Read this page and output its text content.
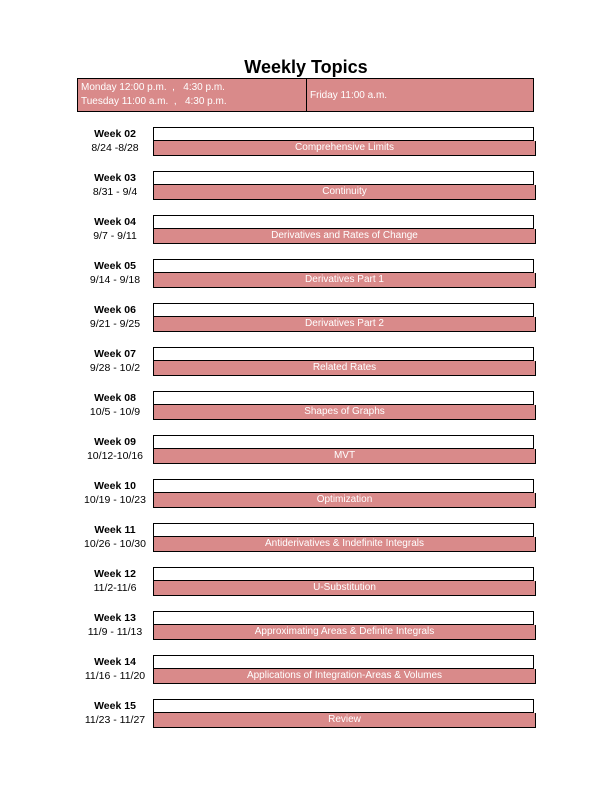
Weekly Topics
Monday 12:00 p.m.  ,   4:30 p.m.
Tuesday 11:00 a.m.  ,   4:30 p.m.
Friday 11:00 a.m.
Week 02
8/24 -8/28	Comprehensive Limits
Week 03
8/31 - 9/4	Continuity
Week 04
9/7 - 9/11	Derivatives and Rates of Change
Week 05
9/14 - 9/18	Derivatives Part 1
Week 06
9/21 - 9/25	Derivatives Part 2
Week 07
9/28 - 10/2	Related Rates
Week 08
10/5 - 10/9	Shapes of Graphs
Week 09
10/12-10/16	MVT
Week 10
10/19 - 10/23	Optimization
Week 11
10/26 - 10/30	Antiderivatives & Indefinite Integrals
Week 12
11/2-11/6	U-Substitution
Week 13
11/9 - 11/13	Approximating Areas & Definite Integrals
Week 14
11/16 - 11/20	Applications of Integration-Areas & Volumes
Week 15
11/23 - 11/27	Review
